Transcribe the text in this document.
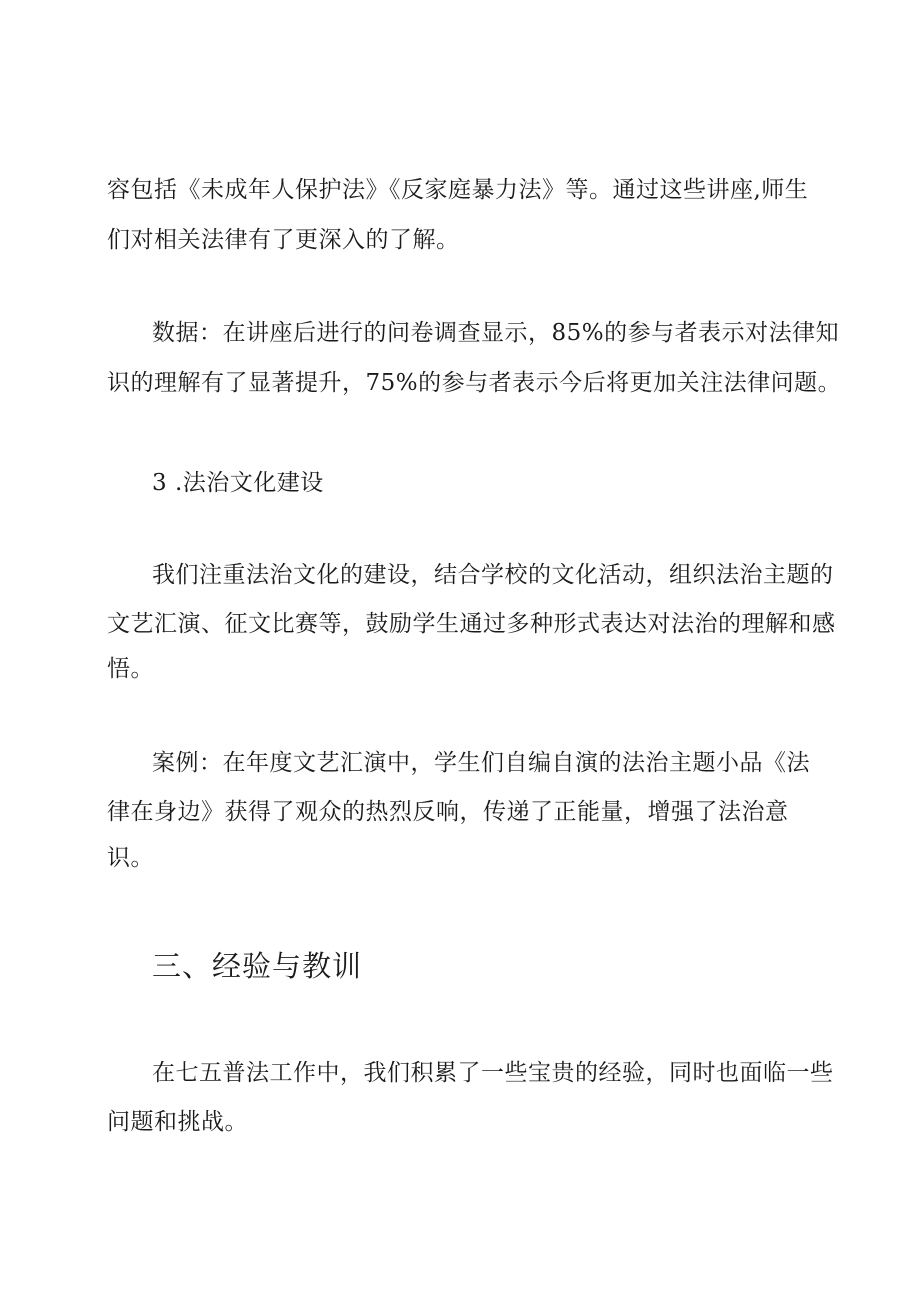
容包括《未成年人保护法》《反家庭暴力法》等。通过这些讲座,师生
们对相关法律有了更深入的了解。
数据：在讲座后进行的问卷调查显示，85%的参与者表示对法律知
识的理解有了显著提升，75%的参与者表示今后将更加关注法律问题。
3 .法治文化建设
我们注重法治文化的建设，结合学校的文化活动，组织法治主题的
文艺汇演、征文比赛等，鼓励学生通过多种形式表达对法治的理解和感
悟。
案例：在年度文艺汇演中，学生们自编自演的法治主题小品《法
律在身边》获得了观众的热烈反响，传递了正能量，增强了法治意
识。
三、经验与教训
在七五普法工作中，我们积累了一些宝贵的经验，同时也面临一些
问题和挑战。
